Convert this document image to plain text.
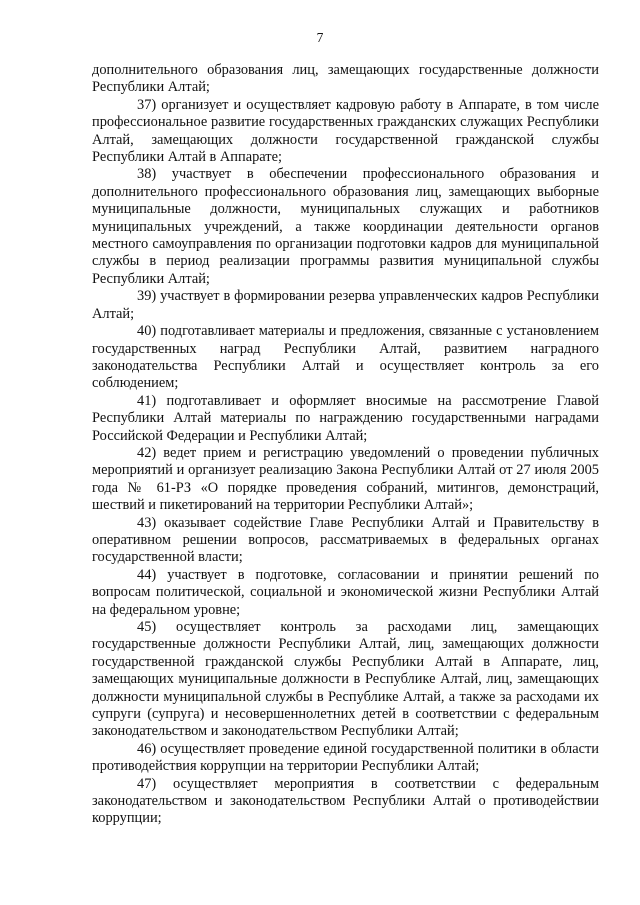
7

дополнительного образования лиц, замещающих государственные должности Республики Алтай;

37) организует и осуществляет кадровую работу в Аппарате, в том числе профессиональное развитие государственных гражданских служащих Республики Алтай, замещающих должности государственной гражданской службы Республики Алтай в Аппарате;

38) участвует в обеспечении профессионального образования и дополнительного профессионального образования лиц, замещающих выборные муниципальные должности, муниципальных служащих и работников муниципальных учреждений, а также координации деятельности органов местного самоуправления по организации подготовки кадров для муниципальной службы в период реализации программы развития муниципальной службы Республики Алтай;

39) участвует в формировании резерва управленческих кадров Республики Алтай;

40) подготавливает материалы и предложения, связанные с установлением государственных наград Республики Алтай, развитием наградного законодательства Республики Алтай и осуществляет контроль за его соблюдением;

41) подготавливает и оформляет вносимые на рассмотрение Главой Республики Алтай материалы по награждению государственными наградами Российской Федерации и Республики Алтай;

42) ведет прием и регистрацию уведомлений о проведении публичных мероприятий и организует реализацию Закона Республики Алтай от 27 июля 2005 года № 61-РЗ «О порядке проведения собраний, митингов, демонстраций, шествий и пикетирований на территории Республики Алтай»;

43) оказывает содействие Главе Республики Алтай и Правительству в оперативном решении вопросов, рассматриваемых в федеральных органах государственной власти;

44) участвует в подготовке, согласовании и принятии решений по вопросам политической, социальной и экономической жизни Республики Алтай на федеральном уровне;

45) осуществляет контроль за расходами лиц, замещающих государственные должности Республики Алтай, лиц, замещающих должности государственной гражданской службы Республики Алтай в Аппарате, лиц, замещающих муниципальные должности в Республике Алтай, лиц, замещающих должности муниципальной службы в Республике Алтай, а также за расходами их супруги (супруга) и несовершеннолетних детей в соответствии с федеральным законодательством и законодательством Республики Алтай;

46) осуществляет проведение единой государственной политики в области противодействия коррупции на территории Республики Алтай;

47) осуществляет мероприятия в соответствии с федеральным законодательством и законодательством Республики Алтай о противодействии коррупции;
